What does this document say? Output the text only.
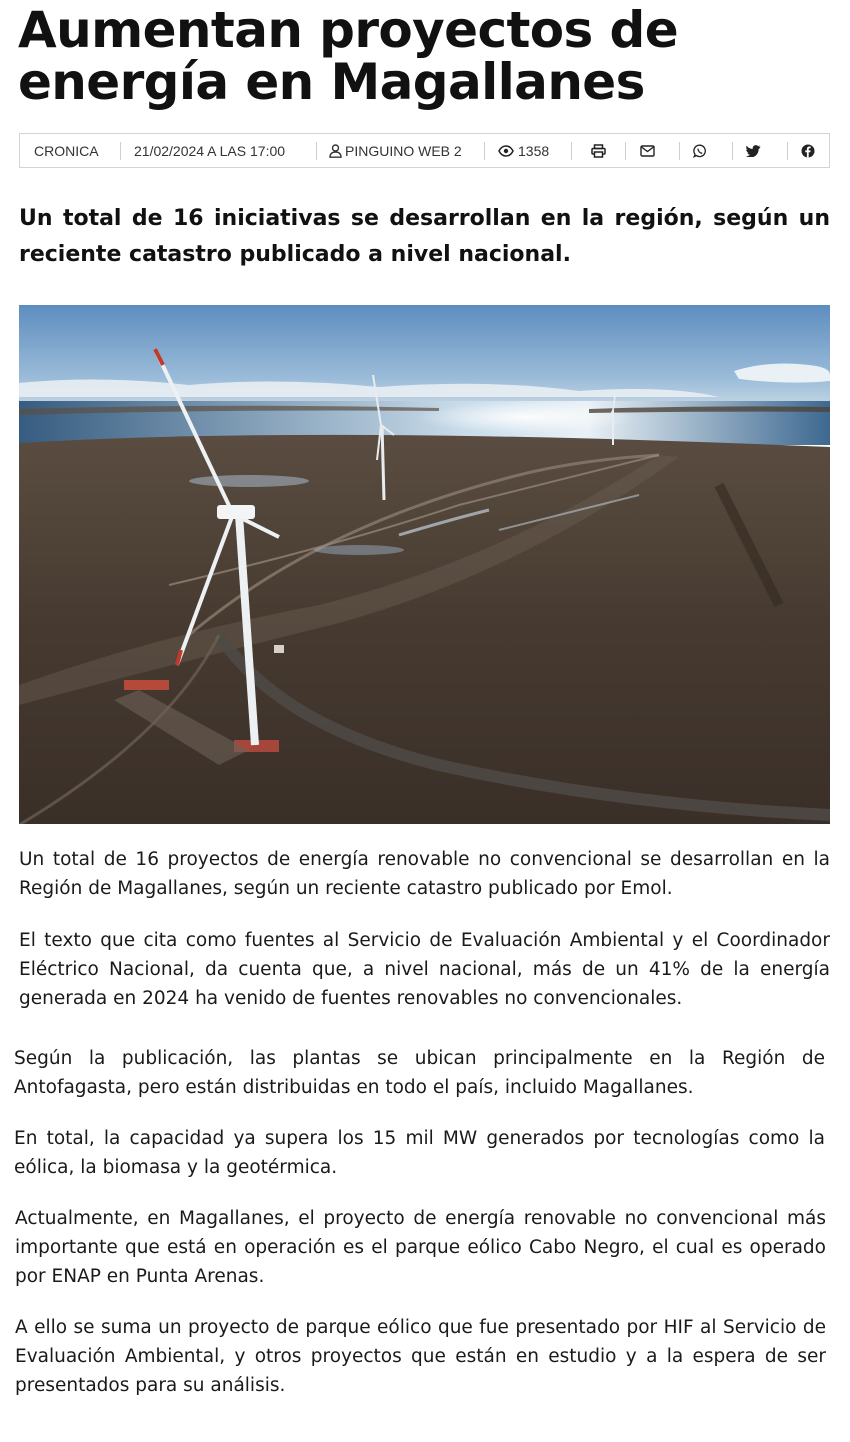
Aumentan proyectos de energía en Magallanes
CRONICA	21/02/2024 A LAS 17:00	PINGUINO WEB 2	1358

Un total de 16 iniciativas se desarrollan en la región, según un reciente catastro publicado a nivel nacional.

Un total de 16 proyectos de energía renovable no convencional se desarrollan en la Región de Magallanes, según un reciente catastro publicado por Emol.

El texto que cita como fuentes al Servicio de Evaluación Ambiental y el Coordinador Eléctrico Nacional, da cuenta que, a nivel nacional, más de un 41% de la energía generada en 2024 ha venido de fuentes renovables no convencionales.

Según la publicación, las plantas se ubican principalmente en la Región de Antofagasta, pero están distribuidas en todo el país, incluido Magallanes.

En total, la capacidad ya supera los 15 mil MW generados por tecnologías como la eólica, la biomasa y la geotérmica.

Actualmente, en Magallanes, el proyecto de energía renovable no convencional más importante que está en operación es el parque eólico Cabo Negro, el cual es operado por ENAP en Punta Arenas.

A ello se suma un proyecto de parque eólico que fue presentado por HIF al Servicio de Evaluación Ambiental, y otros proyectos que están en estudio y a la espera de ser presentados para su análisis.
